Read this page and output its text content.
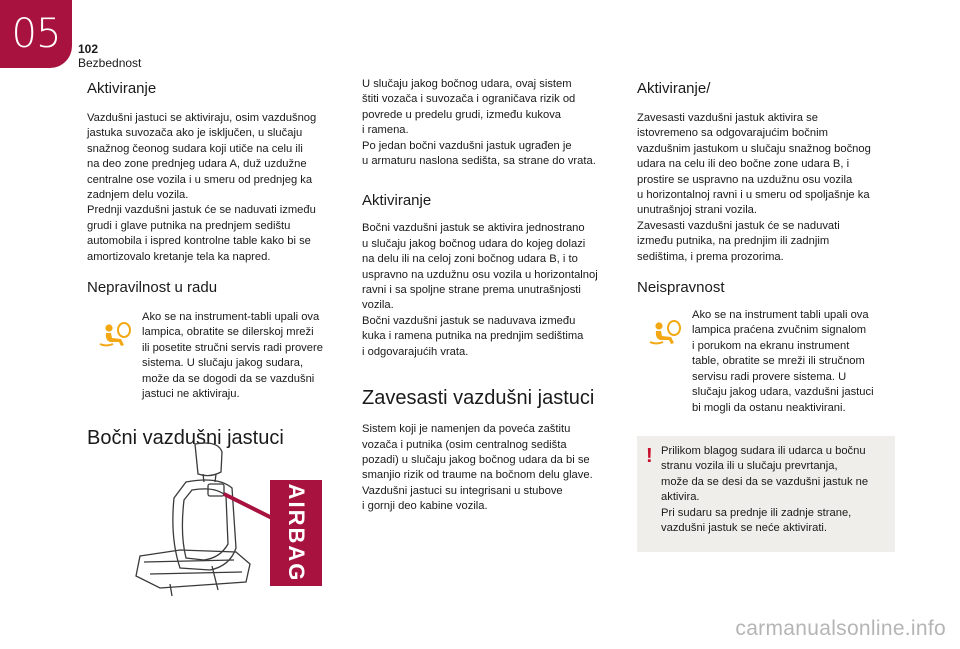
05	102
Bezbednost
Aktiviranje

Vazdušni jastuci se aktiviraju, osim vazdušnog
jastuka suvozača ako je isključen, u slučaju
snažnog čeonog sudara koji utiče na celu ili
na deo zone prednjeg udara A, duž uzdužne
centralne ose vozila i u smeru od prednjeg ka
zadnjem delu vozila.
Prednji vazdušni jastuk će se naduvati između
grudi i glave putnika na prednjem sedištu
automobila i ispred kontrolne table kako bi se
amortizovalo kretanje tela ka napred.

Nepravilnost u radu

Ako se na instrument-tabli upali ova
lampica, obratite se dilerskoj mreži
ili posetite stručni servis radi provere
sistema. U slučaju jakog sudara,
može da se dogodi da se vazdušni
jastuci ne aktiviraju.

Bočni vazdušni jastuci
AIRBAG

U slučaju jakog bočnog udara, ovaj sistem
štiti vozača i suvozača i ograničava rizik od
povrede u predelu grudi, između kukova
i ramena.
Po jedan bočni vazdušni jastuk ugrađen je
u armaturu naslona sedišta, sa strane do vrata.

Aktiviranje

Bočni vazdušni jastuk se aktivira jednostrano
u slučaju jakog bočnog udara do kojeg dolazi
na delu ili na celoj zoni bočnog udara B, i to
uspravno na uzdužnu osu vozila u horizontalnoj
ravni i sa spoljne strane prema unutrašnjosti
vozila.
Bočni vazdušni jastuk se naduvava između
kuka i ramena putnika na prednjim sedištima
i odgovarajućih vrata.

Zavesasti vazdušni jastuci

Sistem koji je namenjen da poveća zaštitu
vozača i putnika (osim centralnog sedišta
pozadi) u slučaju jakog bočnog udara da bi se
smanjio rizik od traume na bočnom delu glave.
Vazdušni jastuci su integrisani u stubove
i gornji deo kabine vozila.

Aktiviranje/

Zavesasti vazdušni jastuk aktivira se
istovremeno sa odgovarajućim bočnim
vazdušnim jastukom u slučaju snažnog bočnog
udara na celu ili deo bočne zone udara B, i
prostire se uspravno na uzdužnu osu vozila
u horizontalnoj ravni i u smeru od spoljašnje ka
unutrašnjoj strani vozila.
Zavesasti vazdušni jastuk će se naduvati
između putnika, na prednjim ili zadnjim
sedištima, i prema prozorima.

Neispravnost

Ako se na instrument tabli upali ova
lampica praćena zvučnim signalom
i porukom na ekranu instrument
table, obratite se mreži ili stručnom
servisu radi provere sistema. U
slučaju jakog udara, vazdušni jastuci
bi mogli da ostanu neaktivirani.

! Prilikom blagog sudara ili udarca u bočnu
stranu vozila ili u slučaju prevrtanja,
može da se desi da se vazdušni jastuk ne
aktivira.
Pri sudaru sa prednje ili zadnje strane,
vazdušni jastuk se neće aktivirati.

carmanualsonline.info
